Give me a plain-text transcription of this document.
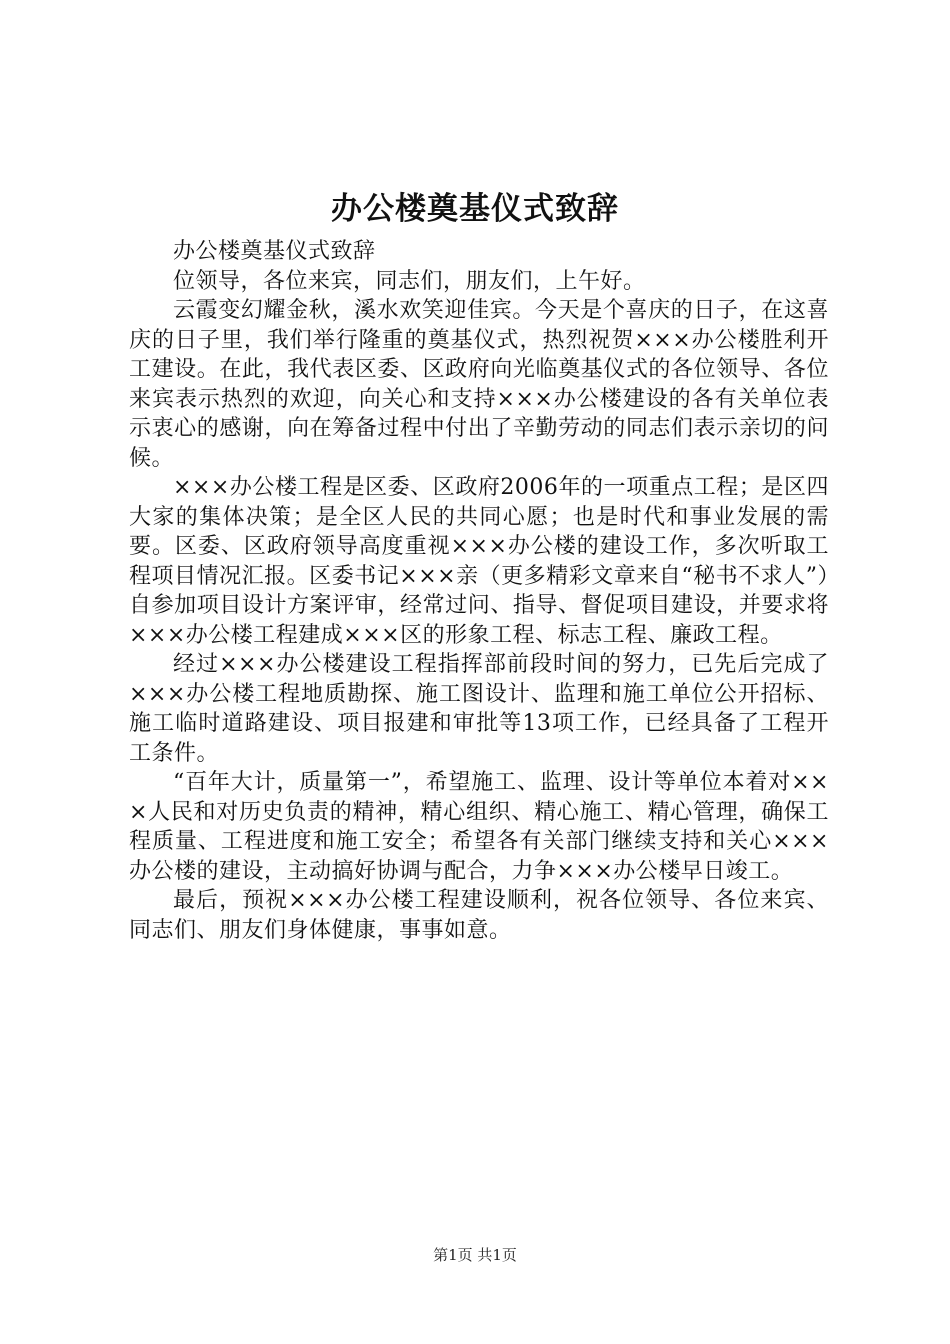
办公楼奠基仪式致辞

办公楼奠基仪式致辞

位领导，各位来宾，同志们，朋友们，上午好。

云霞变幻耀金秋，溪水欢笑迎佳宾。今天是个喜庆的日子，在这喜庆的日子里，我们举行隆重的奠基仪式，热烈祝贺×××办公楼胜利开工建设。在此，我代表区委、区政府向光临奠基仪式的各位领导、各位来宾表示热烈的欢迎，向关心和支持×××办公楼建设的各有关单位表示衷心的感谢，向在筹备过程中付出了辛勤劳动的同志们表示亲切的问候。

×××办公楼工程是区委、区政府2006年的一项重点工程；是区四大家的集体决策；是全区人民的共同心愿；也是时代和事业发展的需要。区委、区政府领导高度重视×××办公楼的建设工作，多次听取工程项目情况汇报。区委书记×××亲（更多精彩文章来自“秘书不求人”）自参加项目设计方案评审，经常过问、指导、督促项目建设，并要求将×××办公楼工程建成×××区的形象工程、标志工程、廉政工程。

经过×××办公楼建设工程指挥部前段时间的努力，已先后完成了×××办公楼工程地质勘探、施工图设计、监理和施工单位公开招标、施工临时道路建设、项目报建和审批等13项工作，已经具备了工程开工条件。

“百年大计，质量第一”，希望施工、监理、设计等单位本着对×××人民和对历史负责的精神，精心组织、精心施工、精心管理，确保工程质量、工程进度和施工安全；希望各有关部门继续支持和关心×××办公楼的建设，主动搞好协调与配合，力争×××办公楼早日竣工。

最后，预祝×××办公楼工程建设顺利，祝各位领导、各位来宾、同志们、朋友们身体健康，事事如意。

第1页 共1页
